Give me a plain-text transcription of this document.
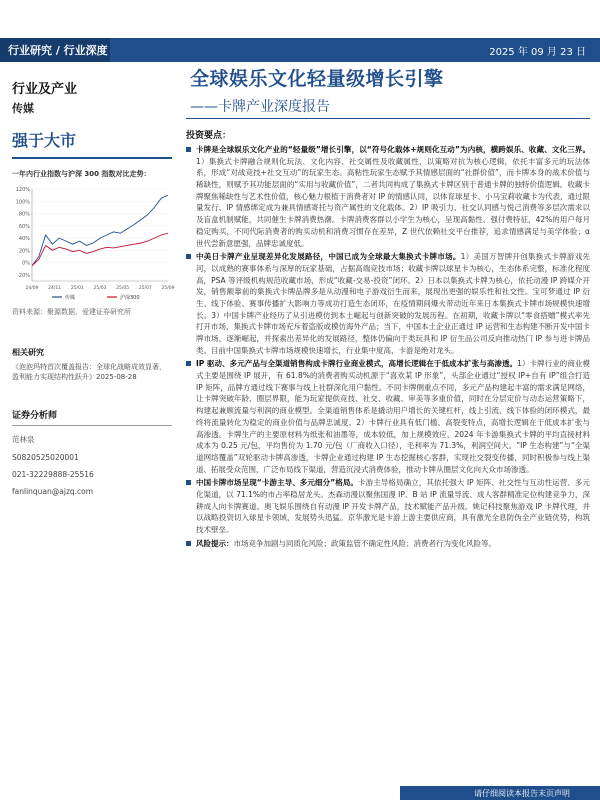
行业研究 / 行业深度	2025 年 09 月 23 日
行业及产业
传媒
全球娱乐文化轻量级增长引擎
——卡牌产业深度报告
强于大市
一年内行业指数与沪深 300 指数对比走势：
120%
100%
80%
60%
40%
20%
0%
-20%
24/09 24/11 25/01 25/03 25/05 25/07 25/09
传媒	沪深300
资料来源：聚源数据，爱建证券研究所
相关研究
《泡泡玛特首次覆盖报告：全球化战略成效显著，盈利能力实现结构性跃升》2025-08-28
证券分析师
范林泉
S0820525020001
021-32229888-25516
fanlinquan@ajzq.com
投资要点：
卡牌是全球娱乐文化产业的“轻量级”增长引擎，以“符号化载体+规则化互动”为内核，横跨娱乐、收藏、文化三界。1）集换式卡牌融合规则化玩法、文化内容、社交属性及收藏属性，以策略对抗为核心逻辑，依托丰富多元的玩法体系，形成“对战竞技+社交互动”的玩家生态。高粘性玩家生态赋予其情感层面的“社群价值”，而卡牌本身的战术价值与稀缺性，则赋予其功能层面的“实用与收藏价值”，二者共同构成了集换式卡牌区别于普通卡牌的独特价值逻辑。收藏卡牌聚焦稀缺性与艺术性价值，核心魅力根植于消费者对 IP 的情感认同，以体育球星卡、小马宝莉收藏卡为代表，通过限量发行、IP 情感绑定成为兼具情感寄托与资产属性的文化载体。2）IP 吸引力、社交认同感与悦己消费等多层次需求以及盲盒机制赋能，共同催生卡牌消费热潮。卡牌消费客群以小学生为核心，呈现高黏性、强付费特征，42%的用户每月稳定购买，不同代际消费者的购买动机和消费习惯存在差异，Z 世代依赖社交平台推荐，追求情感满足与美学体验；α世代尝新意愿强，品牌忠诚度低。
中美日卡牌产业呈现差异化发展路径，中国已成为全球最大集换式卡牌市场。1）美国万智牌开创集换式卡牌游戏先河，以成熟的赛事体系与深厚的玩家基础，占据高端竞技市场；收藏卡牌以球星卡为核心，生态体系完整，标准化程度高，PSA 等评级机构规范收藏市场，形成“收藏-交易-投资”闭环。2）日本以集换式卡牌为核心，依托动漫 IP 跨媒介开发，销售额靠前的集换式卡牌品牌多是从动漫和电子游戏衍生而来，展现出更强的娱乐性和社交性。宝可梦通过 IP 衍生、线下体验、赛事传播扩大影响力等成功打造生态闭环，在疫情期间爆火带动近年来日本集换式卡牌市场规模快速增长。3）中国卡牌产业经历了从引进模仿到本土崛起与创新突破的发展历程。在初期，收藏卡牌以“零食搭赠”模式率先打开市场，集换式卡牌市场充斥着盗版或模仿海外产品；当下，中国本土企业正通过 IP 运营和生态构建不断开发中国卡牌市场，逐渐崛起，并探索出差异化的发展路径，整体仍偏向于类玩具和 IP 衍生品公司反向推动热门 IP 参与进卡牌品类。目前中国集换式卡牌市场规模快速增长，行业集中度高，卡游是绝对龙头。
IP 驱动、多元产品与全渠道销售构成卡牌行业商业模式，高增长逻辑在于低成本扩张与高渗透。1）卡牌行业的商业模式主要是围绕 IP 展开，有 61.8%的消费者购买动机源于“喜欢某 IP 形象”，头部企业通过“授权 IP+自有 IP”组合打造 IP 矩阵，品牌方通过线下赛事与线上社群深化用户黏性。不同卡牌侧重点不同，多元产品构建起丰富的需求满足网络，让卡牌突破年龄、圈层界限，能为玩家提供竞技、社交、收藏、审美等多重价值，同时在分层定价与动态运营策略下，构建起兼顾流量与利润的商业模型。全渠道销售体系是撬动用户增长的关键杠杆，线上引流、线下体验的闭环模式，最终将流量转化为稳定的商业价值与品牌忠诚度。2）卡牌行业具有低门槛、高裂变特点，高增长逻辑在于低成本扩张与高渗透。卡牌生产的主要原材料为纸张和油墨等，成本较低，加上规模效应，2024 年卡游集换式卡牌的平均直接材料成本为 0.25 元/包，平均售价为 1.70 元/包（厂商收入口径），毛利率为 71.3%，利润空间大。“IP 生态构建”与“全渠道网络覆盖”双轮驱动卡牌高渗透，卡牌企业通过构建 IP 生态挖掘核心客群，实现社交裂变传播，同时积极参与线上渠道、拓展受众范围，广泛布局线下渠道，营造沉浸式消费体验，推动卡牌从圈层文化向大众市场渗透。
中国卡牌市场呈现“卡游主导、多元细分”格局。卡游主导格局确立，其依托强大 IP 矩阵、社交性与互动性运营、多元化渠道，以 71.1%的市占率稳居龙头。杰森动漫以聚焦国漫 IP、B 站 IP 流量导流、成人客群精准定位构建竞争力，深耕成人向卡牌赛道。奥飞娱乐围绕自有动漫 IP 开发卡牌产品，技术赋能产品升级。姚记科技聚焦游戏 IP 卡牌代理，并以战略投资切入球星卡领域，发展势头迅猛。京华激光是卡游上游主要供应商，具有激光全息防伪全产业链优势，构筑技术壁垒。
风险提示：市场竞争加剧与同质化风险；政策监管不确定性风险；消费者行为变化风险等。
请仔细阅读本报告末页声明
